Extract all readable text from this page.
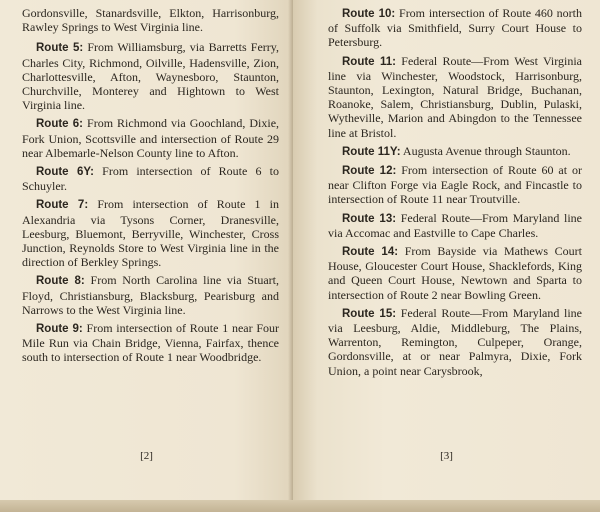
Gordonsville, Stanardsville, Elkton, Harrisonburg, Rawley Springs to West Virginia line.

Route 5: From Williamsburg, via Barretts Ferry, Charles City, Richmond, Oilville, Hadensville, Zion, Charlottesville, Afton, Waynesboro, Staunton, Churchville, Monterey and Hightown to West Virginia line.

Route 6: From Richmond via Goochland, Dixie, Fork Union, Scottsville and intersection of Route 29 near Albemarle-Nelson County line to Afton.

Route 6Y: From intersection of Route 6 to Schuyler.

Route 7: From intersection of Route 1 in Alexandria via Tysons Corner, Dranesville, Leesburg, Bluemont, Berryville, Winchester, Cross Junction, Reynolds Store to West Virginia line in the direction of Berkley Springs.

Route 8: From North Carolina line via Stuart, Floyd, Christiansburg, Blacksburg, Pearisburg and Narrows to the West Virginia line.

Route 9: From intersection of Route 1 near Four Mile Run via Chain Bridge, Vienna, Fairfax, thence south to intersection of Route 1 near Woodbridge.

[2]

Route 10: From intersection of Route 460 north of Suffolk via Smithfield, Surry Court House to Petersburg.

Route 11: Federal Route—From West Virginia line via Winchester, Woodstock, Harrisonburg, Staunton, Lexington, Natural Bridge, Buchanan, Roanoke, Salem, Christiansburg, Dublin, Pulaski, Wytheville, Marion and Abingdon to the Tennessee line at Bristol.

Route 11Y: Augusta Avenue through Staunton.

Route 12: From intersection of Route 60 at or near Clifton Forge via Eagle Rock, and Fincastle to intersection of Route 11 near Troutville.

Route 13: Federal Route—From Maryland line via Accomac and Eastville to Cape Charles.

Route 14: From Bayside via Mathews Court House, Gloucester Court House, Shacklefords, King and Queen Court House, Newtown and Sparta to intersection of Route 2 near Bowling Green.

Route 15: Federal Route—From Maryland line via Leesburg, Aldie, Middleburg, The Plains, Warrenton, Remington, Culpeper, Orange, Gordonsville, at or near Palmyra, Dixie, Fork Union, a point near Carysbrook,

[3]
